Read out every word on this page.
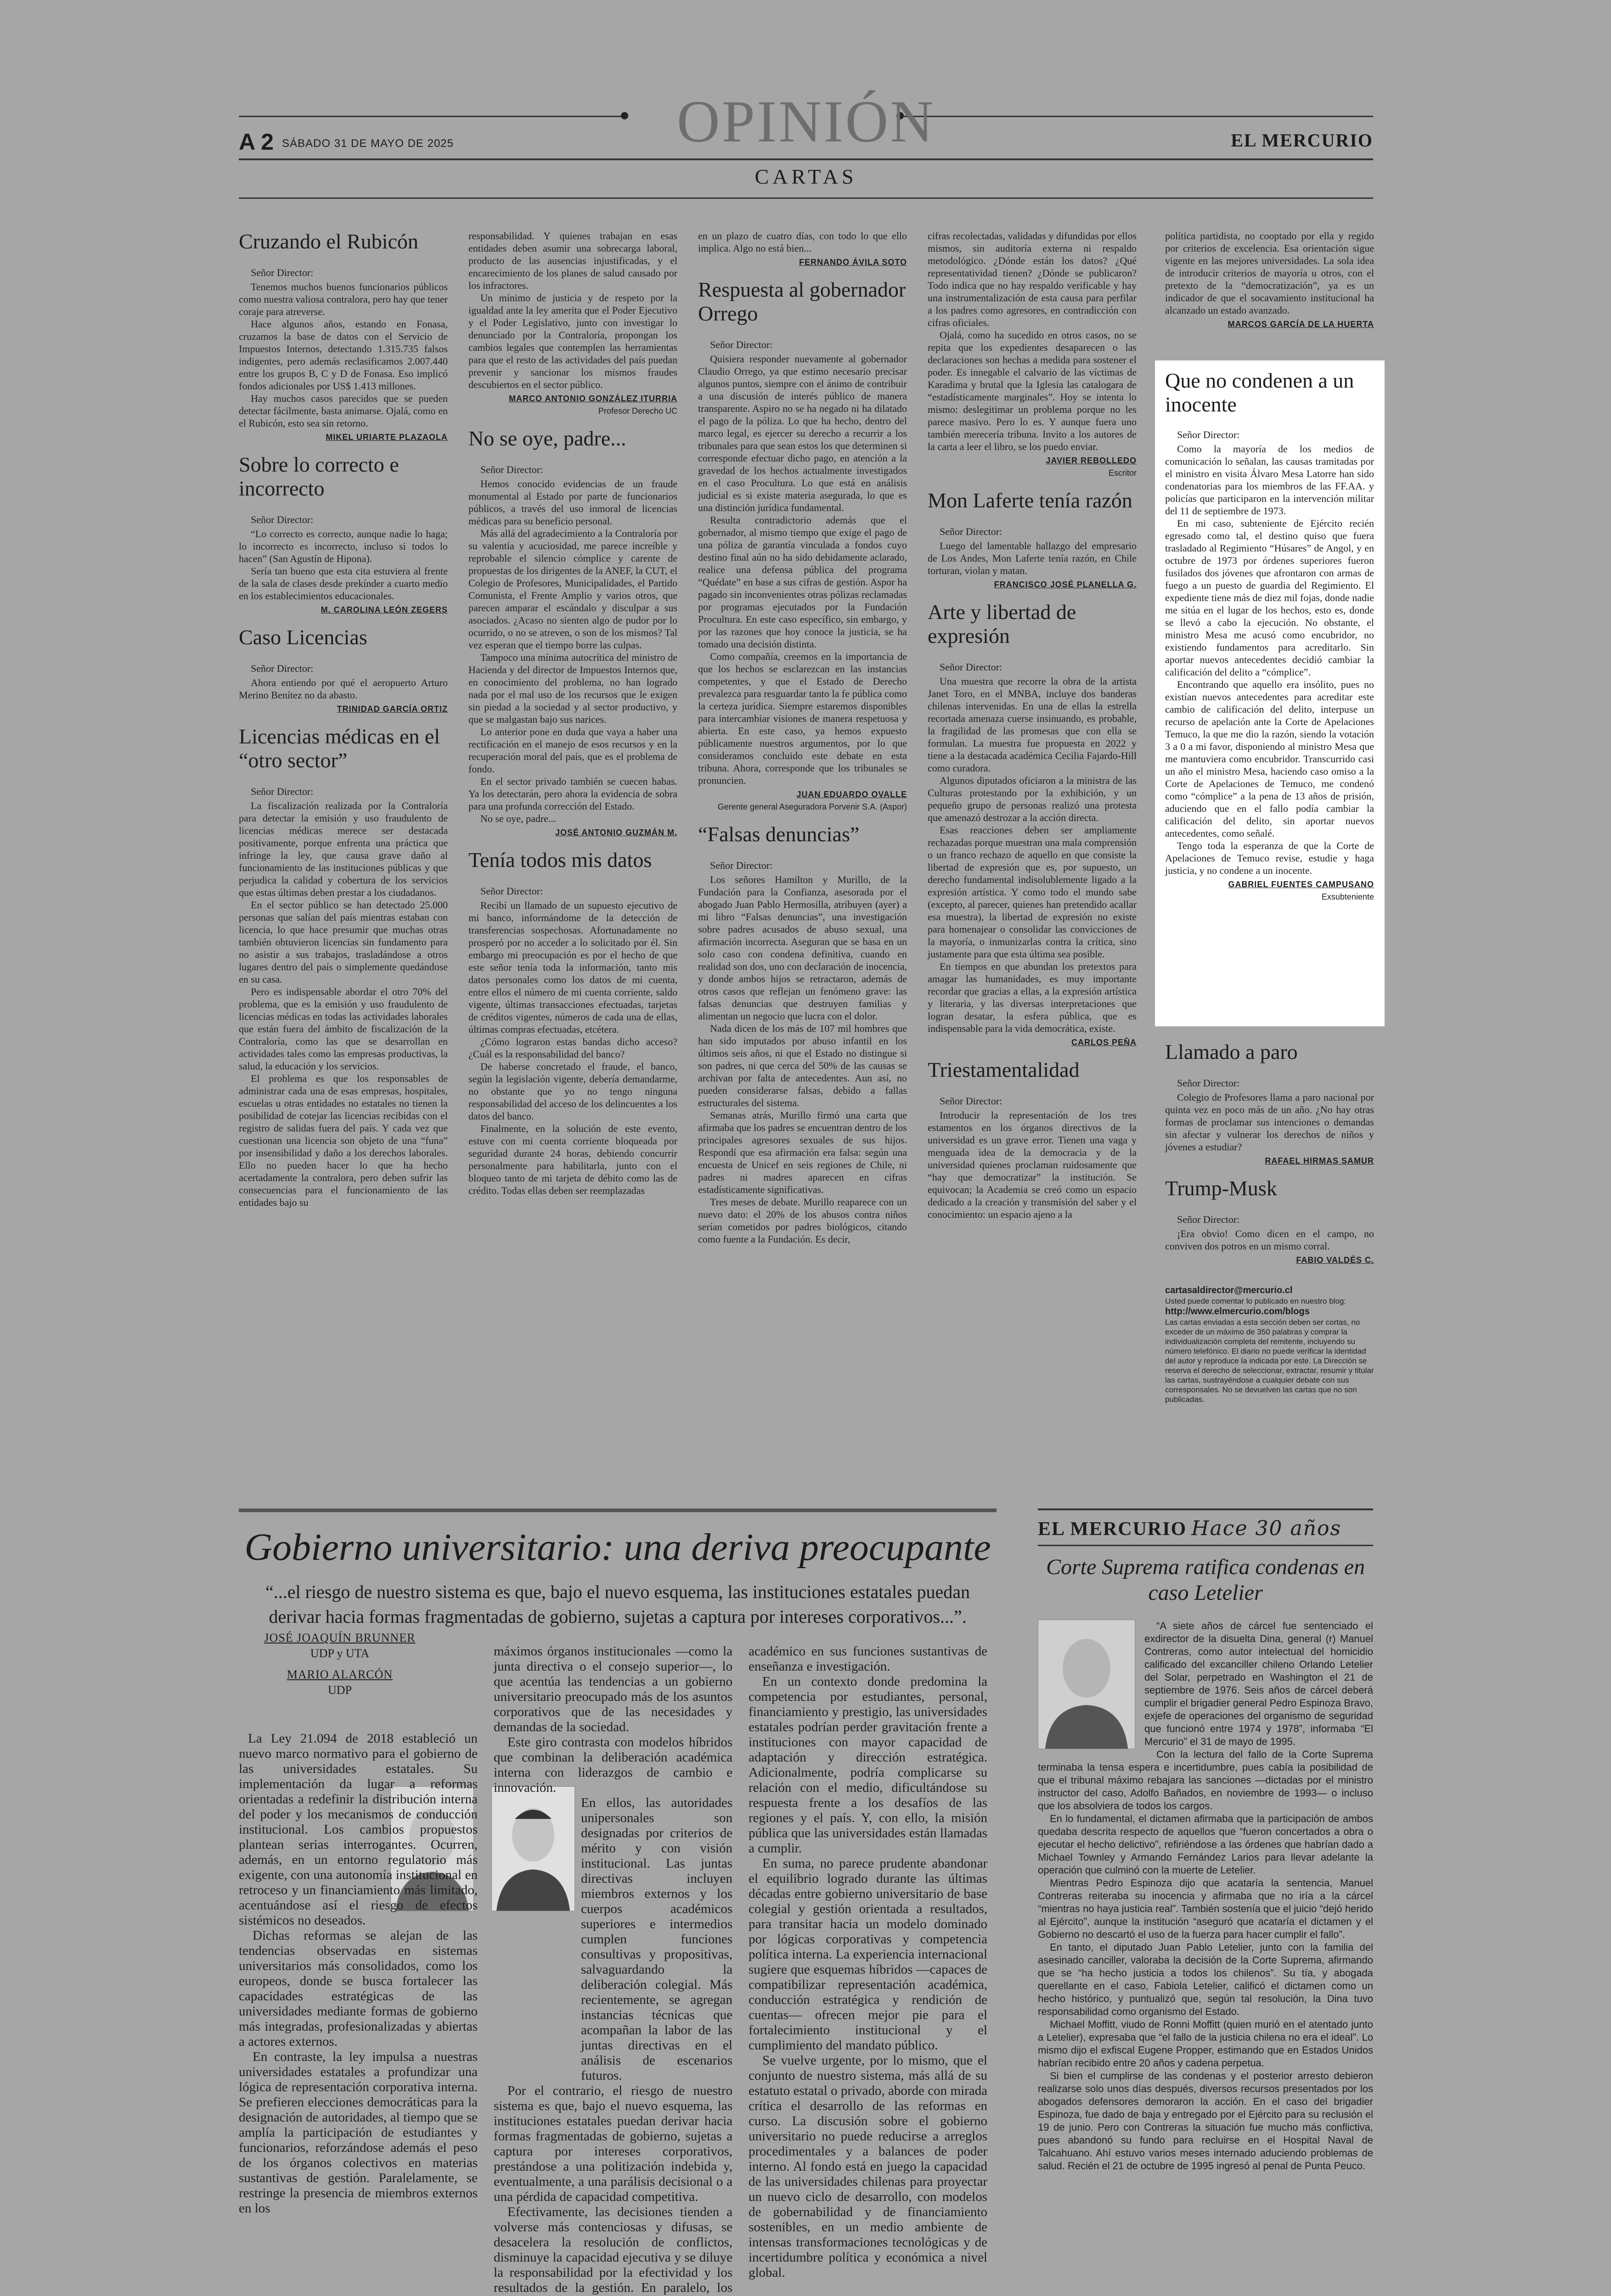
OPINIÓN
A 2 SÁBADO 31 DE MAYO DE 2025	EL MERCURIO
CARTAS
Cruzando el Rubicón
Señor Director:

Tenemos muchos buenos funcionarios públicos como nuestra valiosa contralora, pero hay que tener coraje para atreverse.

Hace algunos años, estando en Fonasa, cruzamos la base de datos con el Servicio de Impuestos Internos, detectando 1.315.735 falsos indigentes, pero además reclasificamos 2.007.440 entre los grupos B, C y D de Fonasa. Eso implicó fondos adicionales por US$ 1.413 millones.

Hay muchos casos parecidos que se pueden detectar fácilmente, basta animarse. Ojalá, como en el Rubicón, esto sea sin retorno.

MIKEL URIARTE PLAZAOLA
Sobre lo correcto e incorrecto
Señor Director:

“Lo correcto es correcto, aunque nadie lo haga; lo incorrecto es incorrecto, incluso si todos lo hacen” (San Agustín de Hipona).

Sería tan bueno que esta cita estuviera al frente de la sala de clases desde prekínder a cuarto medio en los establecimientos educacionales.

M. CAROLINA LEÓN ZEGERS
Caso Licencias
Señor Director:

Ahora entiendo por qué el aeropuerto Arturo Merino Benítez no da abasto.

TRINIDAD GARCÍA ORTIZ
Licencias médicas en el “otro sector”
Señor Director:

La fiscalización realizada por la Contraloría para detectar la emisión y uso fraudulento de licencias médicas merece ser destacada positivamente, porque enfrenta una práctica que infringe la ley, que causa grave daño al funcionamiento de las instituciones públicas y que perjudica la calidad y cobertura de los servicios que estas últimas deben prestar a los ciudadanos.

En el sector público se han detectado 25.000 personas que salían del país mientras estaban con licencia, lo que hace presumir que muchas otras también obtuvieron licencias sin fundamento para no asistir a sus trabajos, trasladándose a otros lugares dentro del país o simplemente quedándose en su casa.

Pero es indispensable abordar el otro 70% del problema, que es la emisión y uso fraudulento de licencias médicas en todas las actividades laborales que están fuera del ámbito de fiscalización de la Contraloría, como las que se desarrollan en actividades tales como las empresas productivas, la salud, la educación y los servicios.

El problema es que los responsables de administrar cada una de esas empresas, hospitales, escuelas u otras entidades no estatales no tienen la posibilidad de cotejar las licencias recibidas con el registro de salidas fuera del país. Y cada vez que cuestionan una licencia son objeto de una “funa” por insensibilidad y daño a los derechos laborales. Ello no pueden hacer lo que ha hecho acertadamente la contralora, pero deben sufrir las consecuencias para el funcionamiento de las entidades bajo su

responsabilidad. Y quienes trabajan en esas entidades deben asumir una sobrecarga laboral, producto de las ausencias injustificadas, y el encarecimiento de los planes de salud causado por los infractores.

Un mínimo de justicia y de respeto por la igualdad ante la ley amerita que el Poder Ejecutivo y el Poder Legislativo, junto con investigar lo denunciado por la Contraloría, propongan los cambios legales que contemplen las herramientas para que el resto de las actividades del país puedan prevenir y sancionar los mismos fraudes descubiertos en el sector público.

MARCO ANTONIO GONZÁLEZ ITURRIA
Profesor Derecho UC
No se oye, padre...
Señor Director:

Hemos conocido evidencias de un fraude monumental al Estado por parte de funcionarios públicos, a través del uso inmoral de licencias médicas para su beneficio personal.

Más allá del agradecimiento a la Contraloría por su valentía y acuciosidad, me parece increíble y reprobable el silencio cómplice y carente de propuestas de los dirigentes de la ANEF, la CUT, el Colegio de Profesores, Municipalidades, el Partido Comunista, el Frente Amplio y varios otros, que parecen amparar el escándalo y disculpar a sus asociados. ¿Acaso no sienten algo de pudor por lo ocurrido, o no se atreven, o son de los mismos? Tal vez esperan que el tiempo borre las culpas.

Tampoco una mínima autocrítica del ministro de Hacienda y del director de Impuestos Internos que, en conocimiento del problema, no han logrado nada por el mal uso de los recursos que le exigen sin piedad a la sociedad y al sector productivo, y que se malgastan bajo sus narices.

Lo anterior pone en duda que vaya a haber una rectificación en el manejo de esos recursos y en la recuperación moral del país, que es el problema de fondo.

En el sector privado también se cuecen habas. Ya los detectarán, pero ahora la evidencia de sobra para una profunda corrección del Estado.

No se oye, padre...

JOSÉ ANTONIO GUZMÁN M.
Tenía todos mis datos
Señor Director:

Recibí un llamado de un supuesto ejecutivo de mi banco, informándome de la detección de transferencias sospechosas. Afortunadamente no prosperó por no acceder a lo solicitado por él. Sin embargo mi preocupación es por el hecho de que este señor tenía toda la información, tanto mis datos personales como los datos de mi cuenta, entre ellos el número de mi cuenta corriente, saldo vigente, últimas transacciones efectuadas, tarjetas de créditos vigentes, números de cada una de ellas, últimas compras efectuadas, etcétera.

¿Cómo lograron estas bandas dicho acceso? ¿Cuál es la responsabilidad del banco?

De haberse concretado el fraude, el banco, según la legislación vigente, debería demandarme, no obstante que yo no tengo ninguna responsabilidad del acceso de los delincuentes a los datos del banco.

Finalmente, en la solución de este evento, estuve con mi cuenta corriente bloqueada por seguridad durante 24 horas, debiendo concurrir personalmente para habilitarla, junto con el bloqueo tanto de mi tarjeta de débito como las de crédito. Todas ellas deben ser reemplazadas

en un plazo de cuatro días, con todo lo que ello implica. Algo no está bien...

FERNANDO ÁVILA SOTO
Respuesta al gobernador Orrego
Señor Director:

Quisiera responder nuevamente al gobernador Claudio Orrego, ya que estimo necesario precisar algunos puntos, siempre con el ánimo de contribuir a una discusión de interés público de manera transparente. Aspiro no se ha negado ni ha dilatado el pago de la póliza. Lo que ha hecho, dentro del marco legal, es ejercer su derecho a recurrir a los tribunales para que sean estos los que determinen si corresponde efectuar dicho pago, en atención a la gravedad de los hechos actualmente investigados en el caso Procultura. Lo que está en análisis judicial es si existe materia asegurada, lo que es una distinción jurídica fundamental.

Resulta contradictorio además que el gobernador, al mismo tiempo que exige el pago de una póliza de garantía vinculada a fondos cuyo destino final aún no ha sido debidamente aclarado, realice una defensa pública del programa “Quédate” en base a sus cifras de gestión. Aspor ha pagado sin inconvenientes otras pólizas reclamadas por programas ejecutados por la Fundación Procultura. En este caso específico, sin embargo, y por las razones que hoy conoce la justicia, se ha tomado una decisión distinta.

Como compañía, creemos en la importancia de que los hechos se esclarezcan en las instancias competentes, y que el Estado de Derecho prevalezca para resguardar tanto la fe pública como la certeza jurídica. Siempre estaremos disponibles para intercambiar visiones de manera respetuosa y abierta. En este caso, ya hemos expuesto públicamente nuestros argumentos, por lo que consideramos concluido este debate en esta tribuna. Ahora, corresponde que los tribunales se pronuncien.

JUAN EDUARDO OVALLE
Gerente general Aseguradora Porvenir S.A. (Aspor)
“Falsas denuncias”
Señor Director:

Los señores Hamilton y Murillo, de la Fundación para la Confianza, asesorada por el abogado Juan Pablo Hermosilla, atribuyen (ayer) a mi libro “Falsas denuncias”, una investigación sobre padres acusados de abuso sexual, una afirmación incorrecta. Aseguran que se basa en un solo caso con condena definitiva, cuando en realidad son dos, uno con declaración de inocencia, y donde ambos hijos se retractaron, además de otros casos que reflejan un fenómeno grave: las falsas denuncias que destruyen familias y alimentan un negocio que lucra con el dolor.

Nada dicen de los más de 107 mil hombres que han sido imputados por abuso infantil en los últimos seis años, ni que el Estado no distingue si son padres, ni que cerca del 50% de las causas se archivan por falta de antecedentes. Aun así, no pueden considerarse falsas, debido a fallas estructurales del sistema.

Semanas atrás, Murillo firmó una carta que afirmaba que los padres se encuentran dentro de los principales agresores sexuales de sus hijos. Respondí que esa afirmación era falsa: según una encuesta de Unicef en seis regiones de Chile, ni padres ni madres aparecen en cifras estadísticamente significativas.

Tres meses de debate. Murillo reaparece con un nuevo dato: el 20% de los abusos contra niños serían cometidos por padres biológicos, citando como fuente a la Fundación. Es decir,

cifras recolectadas, validadas y difundidas por ellos mismos, sin auditoría externa ni respaldo metodológico. ¿Dónde están los datos? ¿Qué representatividad tienen? ¿Dónde se publicaron? Todo indica que no hay respaldo verificable y hay una instrumentalización de esta causa para perfilar a los padres como agresores, en contradicción con cifras oficiales.

Ojalá, como ha sucedido en otros casos, no se repita que los expedientes desaparecen o las declaraciones son hechas a medida para sostener el poder. Es innegable el calvario de las víctimas de Karadima y brutal que la Iglesia las catalogara de “estadísticamente marginales”. Hoy se intenta lo mismo: deslegitimar un problema porque no les parece masivo. Pero lo es. Y aunque fuera uno también merecería tribuna. Invito a los autores de la carta a leer el libro, se los puedo enviar.

JAVIER REBOLLEDO
Escritor
Mon Laferte tenía razón
Señor Director:

Luego del lamentable hallazgo del empresario de Los Andes, Mon Laferte tenía razón, en Chile torturan, violan y matan.

FRANCISCO JOSÉ PLANELLA G.
Arte y libertad de expresión
Señor Director:

Una muestra que recorre la obra de la artista Janet Toro, en el MNBA, incluye dos banderas chilenas intervenidas. En una de ellas la estrella recortada amenaza cuerse insinuando, es probable, la fragilidad de las promesas que con ella se formulan. La muestra fue propuesta en 2022 y tiene a la destacada académica Cecilia Fajardo-Hill como curadora.

Algunos diputados oficiaron a la ministra de las Culturas protestando por la exhibición, y un pequeño grupo de personas realizó una protesta que amenazó destrozar a la acción directa.

Esas reacciones deben ser ampliamente rechazadas porque muestran una mala comprensión o un franco rechazo de aquello en que consiste la libertad de expresión que es, por supuesto, un derecho fundamental indisolublemente ligado a la expresión artística. Y como todo el mundo sabe (excepto, al parecer, quienes han pretendido acallar esa muestra), la libertad de expresión no existe para homenajear o consolidar las convicciones de la mayoría, o inmunizarlas contra la crítica, sino justamente para que esta última sea posible.

En tiempos en que abundan los pretextos para amagar las humanidades, es muy importante recordar que gracias a ellas, a la expresión artística y literaria, y las diversas interpretaciones que logran desatar, la esfera pública, que es indispensable para la vida democrática, existe.

CARLOS PEÑA
Triestamentalidad
Señor Director:

Introducir la representación de los tres estamentos en los órganos directivos de la universidad es un grave error. Tienen una vaga y menguada idea de la democracia y de la universidad quienes proclaman ruidosamente que “hay que democratizar” la institución. Se equivocan; la Academia se creó como un espacio dedicado a la creación y transmisión del saber y el conocimiento: un espacio ajeno a la

política partidista, no cooptado por ella y regido por criterios de excelencia. Esa orientación sigue vigente en las mejores universidades. La sola idea de introducir criterios de mayoría u otros, con el pretexto de la “democratización”, ya es un indicador de que el socavamiento institucional ha alcanzado un estado avanzado.

MARCOS GARCÍA DE LA HUERTA
Que no condenen a un inocente
Señor Director:

Como la mayoría de los medios de comunicación lo señalan, las causas tramitadas por el ministro en visita Álvaro Mesa Latorre han sido condenatorias para los miembros de las FF.AA. y policías que participaron en la intervención militar del 11 de septiembre de 1973.

En mi caso, subteniente de Ejército recién egresado como tal, el destino quiso que fuera trasladado al Regimiento “Húsares” de Angol, y en octubre de 1973 por órdenes superiores fueron fusilados dos jóvenes que afrontaron con armas de fuego a un puesto de guardia del Regimiento. El expediente tiene más de diez mil fojas, donde nadie me sitúa en el lugar de los hechos, esto es, donde se llevó a cabo la ejecución. No obstante, el ministro Mesa me acusó como encubridor, no existiendo fundamentos para acreditarlo. Sin aportar nuevos antecedentes decidió cambiar la calificación del delito a “cómplice”.

Encontrando que aquello era insólito, pues no existían nuevos antecedentes para acreditar este cambio de calificación del delito, interpuse un recurso de apelación ante la Corte de Apelaciones Temuco, la que me dio la razón, siendo la votación 3 a 0 a mi favor, disponiendo al ministro Mesa que me mantuviera como encubridor. Transcurrido casi un año el ministro Mesa, haciendo caso omiso a la Corte de Apelaciones de Temuco, me condenó como “cómplice” a la pena de 13 años de prisión, aduciendo que en el fallo podía cambiar la calificación del delito, sin aportar nuevos antecedentes, como señalé.

Tengo toda la esperanza de que la Corte de Apelaciones de Temuco revise, estudie y haga justicia, y no condene a un inocente.

GABRIEL FUENTES CAMPUSANO
Exsubteniente
Llamado a paro
Señor Director:

Colegio de Profesores llama a paro nacional por quinta vez en poco más de un año. ¿No hay otras formas de proclamar sus intenciones o demandas sin afectar y vulnerar los derechos de niños y jóvenes a estudiar?

RAFAEL HIRMAS SAMUR
Trump-Musk
Señor Director:

¡Era obvio! Como dicen en el campo, no conviven dos potros en un mismo corral.

FABIO VALDÉS C.
cartasaldirector@mercurio.cl
Usted puede comentar lo publicado en nuestro blog:
http://www.elmercurio.com/blogs
Las cartas enviadas a esta sección deben ser cortas, no exceder de un máximo de 350 palabras y comprar la individualización completa del remitente, incluyendo su número telefónico. El diario no puede verificar la identidad del autor y reproduce la indicada por este. La Dirección se reserva el derecho de seleccionar, extractar, resumir y titular las cartas, sustrayéndose a cualquier debate con sus corresponsales. No se devuelven las cartas que no son publicadas.
Gobierno universitario: una deriva preocupante
“...el riesgo de nuestro sistema es que, bajo el nuevo esquema, las instituciones estatales puedan derivar hacia formas fragmentadas de gobierno, sujetas a captura por intereses corporativos...”.
JOSÉ JOAQUÍN BRUNNER
UDP y UTA
MARIO ALARCÓN
UDP

La Ley 21.094 de 2018 estableció un nuevo marco normativo para el gobierno de las universidades estatales. Su implementación da lugar a reformas orientadas a redefinir la distribución interna del poder y los mecanismos de conducción institucional. Los cambios propuestos plantean serias interrogantes. Ocurren, además, en un entorno regulatorio más exigente, con una autonomía institucional en retroceso y un financiamiento más limitado, acentuándose así el riesgo de efectos sistémicos no deseados.

Dichas reformas se alejan de las tendencias observadas en sistemas universitarios más consolidados, como los europeos, donde se busca fortalecer las capacidades estratégicas de las universidades mediante formas de gobierno más integradas, profesionalizadas y abiertas a actores externos.

En contraste, la ley impulsa a nuestras universidades estatales a profundizar una lógica de representación corporativa interna. Se prefieren elecciones democráticas para la designación de autoridades, al tiempo que se amplía la participación de estudiantes y funcionarios, reforzándose además el peso de los órganos colectivos en materias sustantivas de gestión. Paralelamente, se restringe la presencia de miembros externos en los

máximos órganos institucionales —como la junta directiva o el consejo superior—, lo que acentúa las tendencias a un gobierno universitario preocupado más de los asuntos corporativos que de las necesidades y demandas de la sociedad.

Este giro contrasta con modelos híbridos que combinan la deliberación académica interna con liderazgos de cambio e innovación.

En ellos, las autoridades unipersonales son designadas por criterios de mérito y con visión institucional. Las juntas directivas incluyen miembros externos y los cuerpos académicos superiores e intermedios cumplen funciones consultivas y propositivas, salvaguardando la deliberación colegial. Más recientemente, se agregan instancias técnicas que acompañan la labor de las juntas directivas en el análisis de escenarios futuros.

Por el contrario, el riesgo de nuestro sistema es que, bajo el nuevo esquema, las instituciones estatales puedan derivar hacia formas fragmentadas de gobierno, sujetas a captura por intereses corporativos, prestándose a una politización indebida y, eventualmente, a una parálisis decisional o a una pérdida de capacidad competitiva.

Efectivamente, las decisiones tienden a volverse más contenciosas y difusas, se desacelera la resolución de conflictos, disminuye la capacidad ejecutiva y se diluye la responsabilidad por la efectividad y los resultados de la gestión. En paralelo, los

académico en sus funciones sustantivas de enseñanza e investigación.

En un contexto donde predomina la competencia por estudiantes, personal, financiamiento y prestigio, las universidades estatales podrían perder gravitación frente a instituciones con mayor capacidad de adaptación y dirección estratégica. Adicionalmente, podría complicarse su relación con el medio, dificultándose su respuesta frente a los desafíos de las regiones y el país. Y, con ello, la misión pública que las universidades están llamadas a cumplir.

En suma, no parece prudente abandonar el equilibrio logrado durante las últimas décadas entre gobierno universitario de base colegial y gestión orientada a resultados, para transitar hacia un modelo dominado por lógicas corporativas y competencia política interna. La experiencia internacional sugiere que esquemas híbridos —capaces de compatibilizar representación académica, conducción estratégica y rendición de cuentas— ofrecen mejor pie para el fortalecimiento institucional y el cumplimiento del mandato público.

Se vuelve urgente, por lo mismo, que el conjunto de nuestro sistema, más allá de su estatuto estatal o privado, aborde con mirada crítica el desarrollo de las reformas en curso. La discusión sobre el gobierno universitario no puede reducirse a arreglos procedimentales y a balances de poder interno. Al fondo está en juego la capacidad de las universidades chilenas para proyectar un nuevo ciclo de desarrollo, con modelos de gobernabilidad y de financiamiento sostenibles, en un medio ambiente de intensas transformaciones tecnológicas y de incertidumbre política y económica a nivel global.

EL MERCURIO Hace 30 años
Corte Suprema ratifica condenas en caso Letelier

“A siete años de cárcel fue sentenciado el exdirector de la disuelta Dina, general (r) Manuel Contreras, como autor intelectual del homicidio calificado del excanciller chileno Orlando Letelier del Solar, perpetrado en Washington el 21 de septiembre de 1976. Seis años de cárcel deberá cumplir el brigadier general Pedro Espinoza Bravo, exjefe de operaciones del organismo de seguridad que funcionó entre 1974 y 1978”, informaba “El Mercurio” el 31 de mayo de 1995.

Con la lectura del fallo de la Corte Suprema terminaba la tensa espera e incertidumbre, pues cabía la posibilidad de que el tribunal máximo rebajara las sanciones —dictadas por el ministro instructor del caso, Adolfo Bañados, en noviembre de 1993— o incluso que los absolviera de todos los cargos.

En lo fundamental, el dictamen afirmaba que la participación de ambos quedaba descrita respecto de aquellos que “fueron concertados a obra o ejecutar el hecho delictivo”, refiriéndose a las órdenes que habrían dado a Michael Townley y Armando Fernández Larios para llevar adelante la operación que culminó con la muerte de Letelier.

Mientras Pedro Espinoza dijo que acataría la sentencia, Manuel Contreras reiteraba su inocencia y afirmaba que no iría a la cárcel “mientras no haya justicia real”. También sostenía que el juicio “dejó herido al Ejército”, aunque la institución “aseguró que acataría el dictamen y el Gobierno no descartó el uso de la fuerza para hacer cumplir el fallo”.

En tanto, el diputado Juan Pablo Letelier, junto con la familia del asesinado canciller, valoraba la decisión de la Corte Suprema, afirmando que se “ha hecho justicia a todos los chilenos”. Su tía, y abogada querellante en el caso, Fabiola Letelier, calificó el dictamen como un hecho histórico, y puntualizó que, según tal resolución, la Dina tuvo responsabilidad como organismo del Estado.

Michael Moffitt, viudo de Ronni Moffitt (quien murió en el atentado junto a Letelier), expresaba que “el fallo de la justicia chilena no era el ideal”. Lo mismo dijo el exfiscal Eugene Propper, estimando que en Estados Unidos habrían recibido entre 20 años y cadena perpetua.

Si bien el cumplirse de las condenas y el posterior arresto debieron realizarse solo unos días después, diversos recursos presentados por los abogados defensores demoraron la acción. En el caso del brigadier Espinoza, fue dado de baja y entregado por el Ejército para su reclusión el 19 de junio. Pero con Contreras la situación fue mucho más conflictiva, pues abandonó su fundo para recluirse en el Hospital Naval de Talcahuano. Ahí estuvo varios meses internado aduciendo problemas de salud. Recién el 21 de octubre de 1995 ingresó al penal de Punta Peuco.
